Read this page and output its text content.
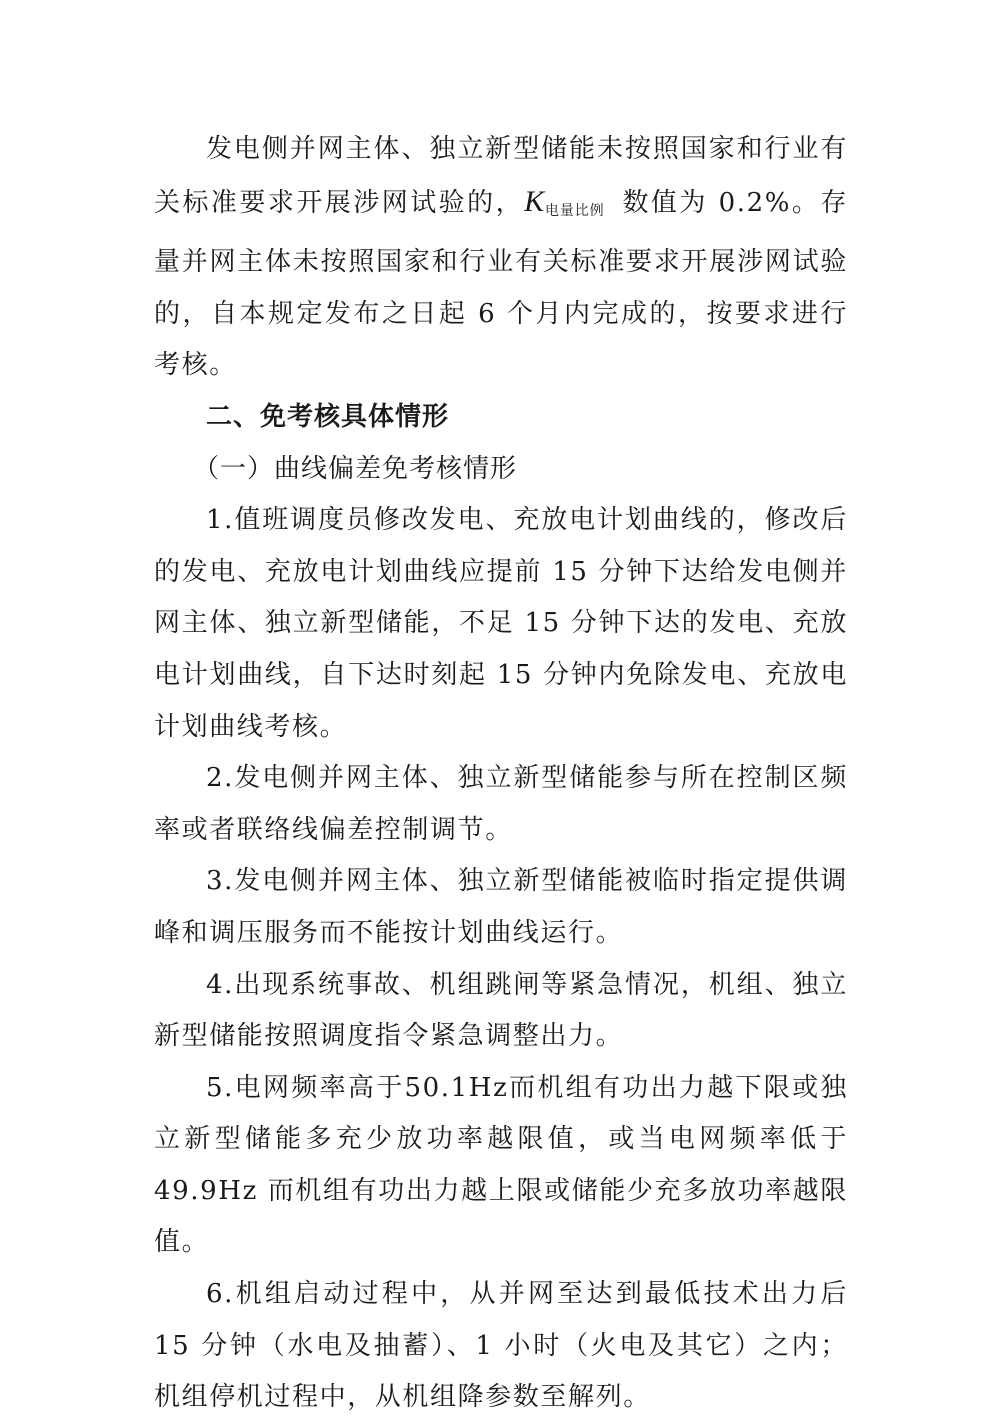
发电侧并网主体、独立新型储能未按照国家和行业有关标准要求开展涉网试验的，K电量比例 数值为 0.2%。存量并网主体未按照国家和行业有关标准要求开展涉网试验的，自本规定发布之日起 6 个月内完成的，按要求进行考核。

二、免考核具体情形

（一）曲线偏差免考核情形

1.值班调度员修改发电、充放电计划曲线的，修改后的发电、充放电计划曲线应提前 15 分钟下达给发电侧并网主体、独立新型储能，不足 15 分钟下达的发电、充放电计划曲线，自下达时刻起 15 分钟内免除发电、充放电计划曲线考核。

2.发电侧并网主体、独立新型储能参与所在控制区频率或者联络线偏差控制调节。

3.发电侧并网主体、独立新型储能被临时指定提供调峰和调压服务而不能按计划曲线运行。

4.出现系统事故、机组跳闸等紧急情况，机组、独立新型储能按照调度指令紧急调整出力。

5.电网频率高于50.1Hz而机组有功出力越下限或独立新型储能多充少放功率越限值，或当电网频率低于 49.9Hz 而机组有功出力越上限或储能少充多放功率越限值。

6.机组启动过程中，从并网至达到最低技术出力后 15 分钟（水电及抽蓄）、1 小时（火电及其它）之内；机组停机过程中，从机组降参数至解列。
